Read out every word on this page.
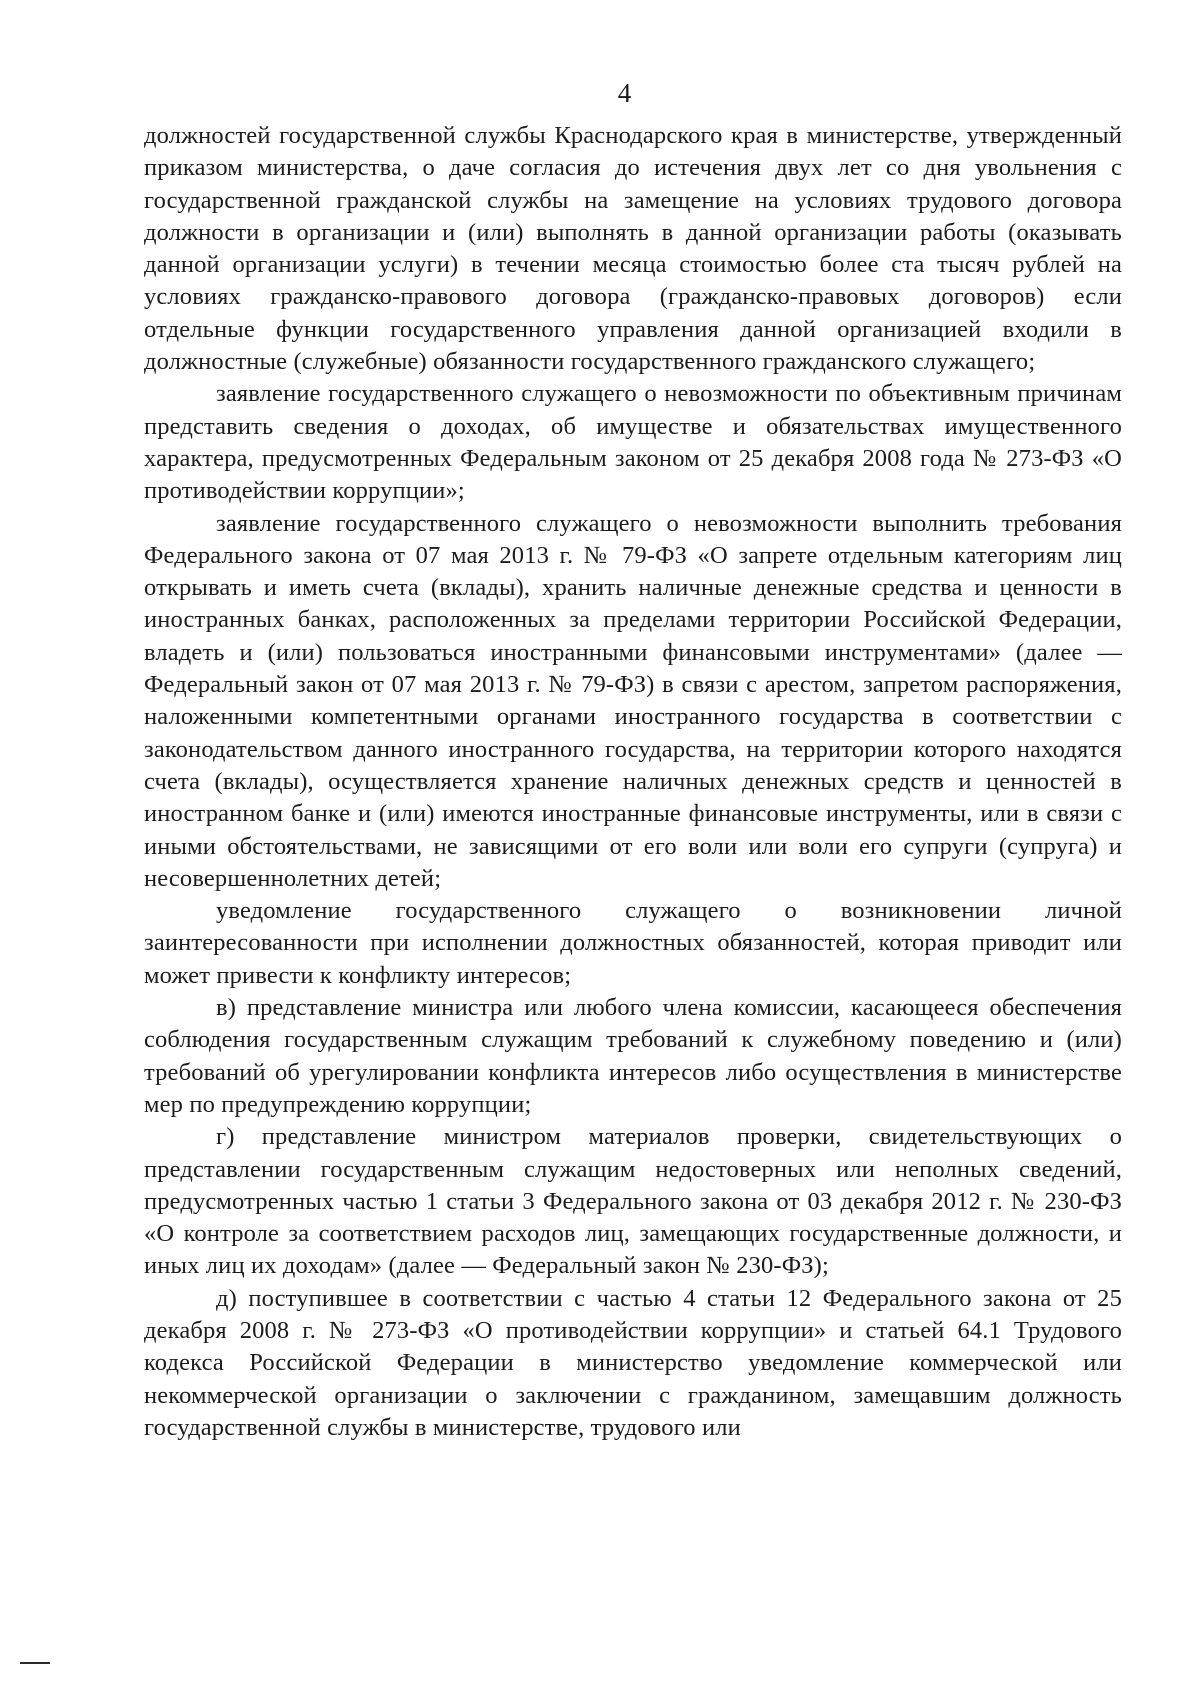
4

должностей государственной службы Краснодарского края в министерстве, утвержденный приказом министерства, о даче согласия до истечения двух лет со дня увольнения с государственной гражданской службы на замещение на условиях трудового договора должности в организации и (или) выполнять в данной организации работы (оказывать данной организации услуги) в течении месяца стоимостью более ста тысяч рублей на условиях гражданско-правового договора (гражданско-правовых договоров) если отдельные функции государственного управления данной организацией входили в должностные (служебные) обязанности государственного гражданского служащего;

заявление государственного служащего о невозможности по объективным причинам представить сведения о доходах, об имуществе и обязательствах имущественного характера, предусмотренных Федеральным законом от 25 декабря 2008 года № 273-ФЗ «О противодействии коррупции»;

заявление государственного служащего о невозможности выполнить требования Федерального закона от 07 мая 2013 г. № 79-ФЗ «О запрете отдельным категориям лиц открывать и иметь счета (вклады), хранить наличные денежные средства и ценности в иностранных банках, расположенных за пределами территории Российской Федерации, владеть и (или) пользоваться иностранными финансовыми инструментами» (далее — Федеральный закон от 07 мая 2013 г. № 79-ФЗ) в связи с арестом, запретом распоряжения, наложенными компетентными органами иностранного государства в соответствии с законодательством данного иностранного государства, на территории которого находятся счета (вклады), осуществляется хранение наличных денежных средств и ценностей в иностранном банке и (или) имеются иностранные финансовые инструменты, или в связи с иными обстоятельствами, не зависящими от его воли или воли его супруги (супруга) и несовершеннолетних детей;

уведомление государственного служащего о возникновении личной заинтересованности при исполнении должностных обязанностей, которая приводит или может привести к конфликту интересов;

в) представление министра или любого члена комиссии, касающееся обеспечения соблюдения государственным служащим требований к служебному поведению и (или) требований об урегулировании конфликта интересов либо осуществления в министерстве мер по предупреждению коррупции;

г) представление министром материалов проверки, свидетельствующих о представлении государственным служащим недостоверных или неполных сведений, предусмотренных частью 1 статьи 3 Федерального закона от 03 декабря 2012 г. № 230-ФЗ «О контроле за соответствием расходов лиц, замещающих государственные должности, и иных лиц их доходам» (далее — Федеральный закон № 230-ФЗ);

д) поступившее в соответствии с частью 4 статьи 12 Федерального закона от 25 декабря 2008 г. № 273-ФЗ «О противодействии коррупции» и статьей 64.1 Трудового кодекса Российской Федерации в министерство уведомление коммерческой или некоммерческой организации о заключении с гражданином, замещавшим должность государственной службы в министерстве, трудового или
